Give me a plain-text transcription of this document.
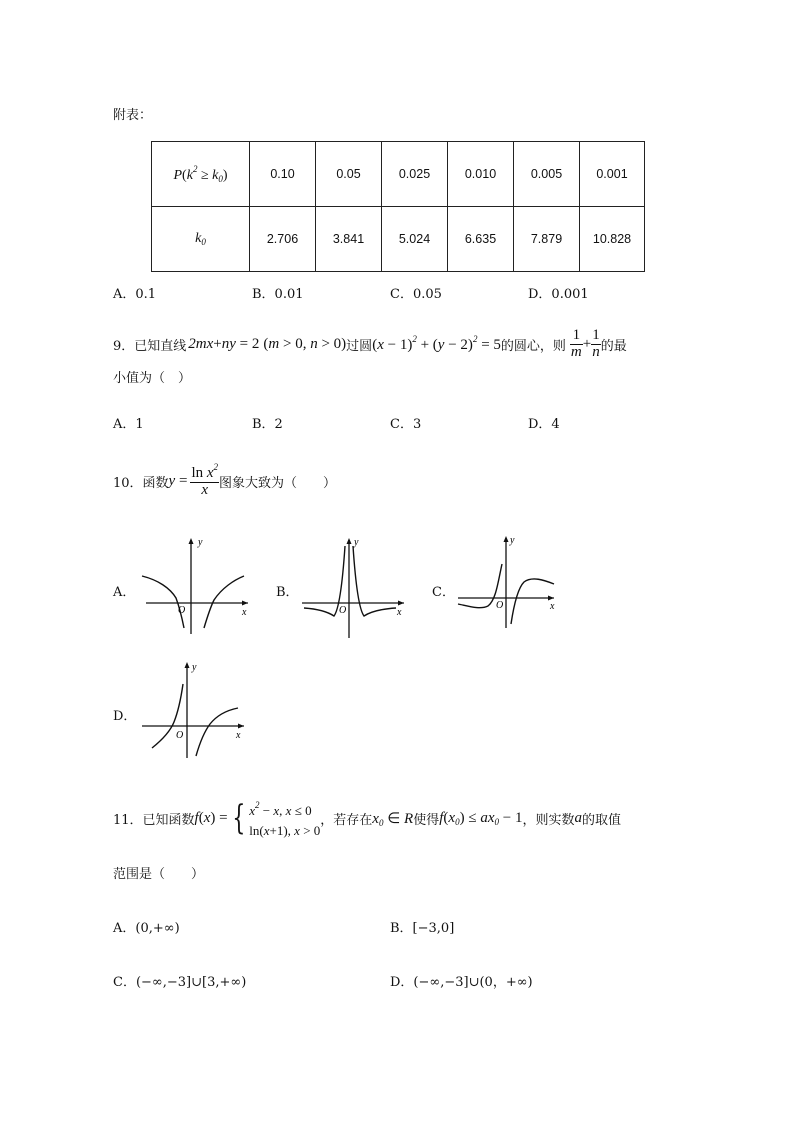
附表：
$P(k^2 \ge k_0)$	0.10	0.05	0.025	0.010	0.005	0.001
$k_0$	2.706	3.841	5.024	6.635	7.879	10.828
A．0.1	B．0.01	C．0.05	D．0.001
9．已知直线 2mx+ny = 2 (m > 0, n > 0) 过圆 $(x - 1)^2 + (y - 2)^2 = 5$ 的圆心，则 $\frac{1}{m} + \frac{1}{n}$ 的最
小值为（　）
A．1	B．2	C．3	D．4
10．函数 $y = \frac{\ln x^2}{x}$ 图象大致为（　　）
A．	B．	C．
D．
y
x
O
y
x
O
y
x
O
y
x
O
11．已知函数 f(x) = { $x^2 - x$, x ≤ 0
ln(x+1), x > 0
，若存在 $x_0$ ∈ R 使得 $f(x_0) \le ax_0 - 1$ ，则实数 a 的取值
范围是（　　）
A．(0,+∞)	B．[−3,0]
C．(−∞,−3]∪[3,+∞)	D．(−∞,−3]∪(0，+∞)
